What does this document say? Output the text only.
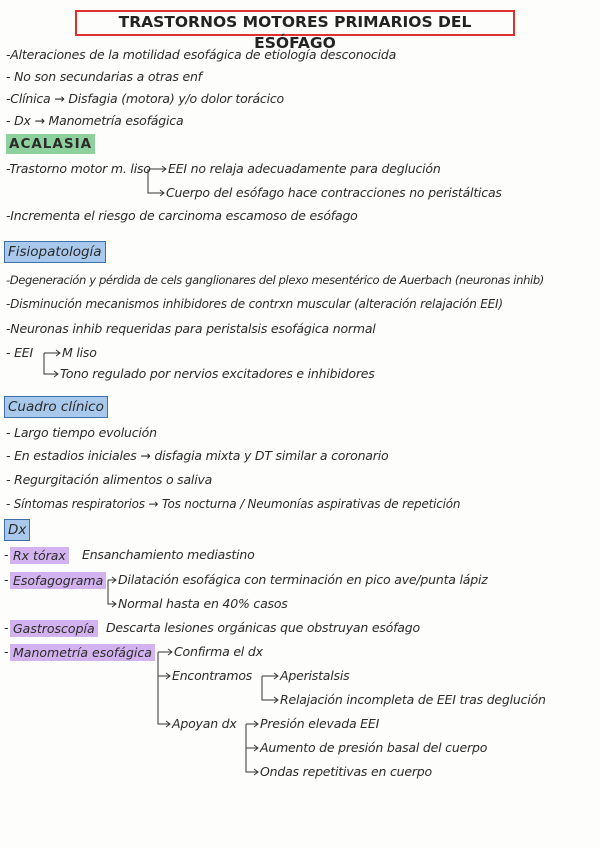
TRASTORNOS MOTORES PRIMARIOS DEL ESÓFAGO
-Alteraciones de la motilidad esofágica de etiología desconocida
- No son secundarias a otras enf
-Clínica → Disfagia (motora) y/o dolor torácico
- Dx → Manometría esofágica
ACALASIA
-Trastorno motor m. liso EEI no relaja adecuadamente para deglución
Cuerpo del esófago hace contracciones no peristálticas
-Incrementa el riesgo de carcinoma escamoso de esófago
Fisiopatología
-Degeneración y pérdida de cels ganglionares del plexo mesentérico de Auerbach (neuronas inhib)
-Disminución mecanismos inhibidores de contrxn muscular (alteración relajación EEI)
-Neuronas inhib requeridas para peristalsis esofágica normal
- EEI M liso
Tono regulado por nervios excitadores e inhibidores
Cuadro clínico
- Largo tiempo evolución
- En estadios iniciales → disfagia mixta y DT similar a coronario
- Regurgitación alimentos o saliva
- Síntomas respiratorios → Tos nocturna / Neumonías aspirativas de repetición
Dx
- Rx tórax Ensanchamiento mediastino
- Esofagograma Dilatación esofágica con terminación en pico ave/punta lápiz
Normal hasta en 40% casos
- Gastroscopía Descarta lesiones orgánicas que obstruyan esófago
- Manometría esofágica Confirma el dx
Encontramos Aperistalsis
Relajación incompleta de EEI tras deglución
Apoyan dx Presión elevada EEI
Aumento de presión basal del cuerpo
Ondas repetitivas en cuerpo
